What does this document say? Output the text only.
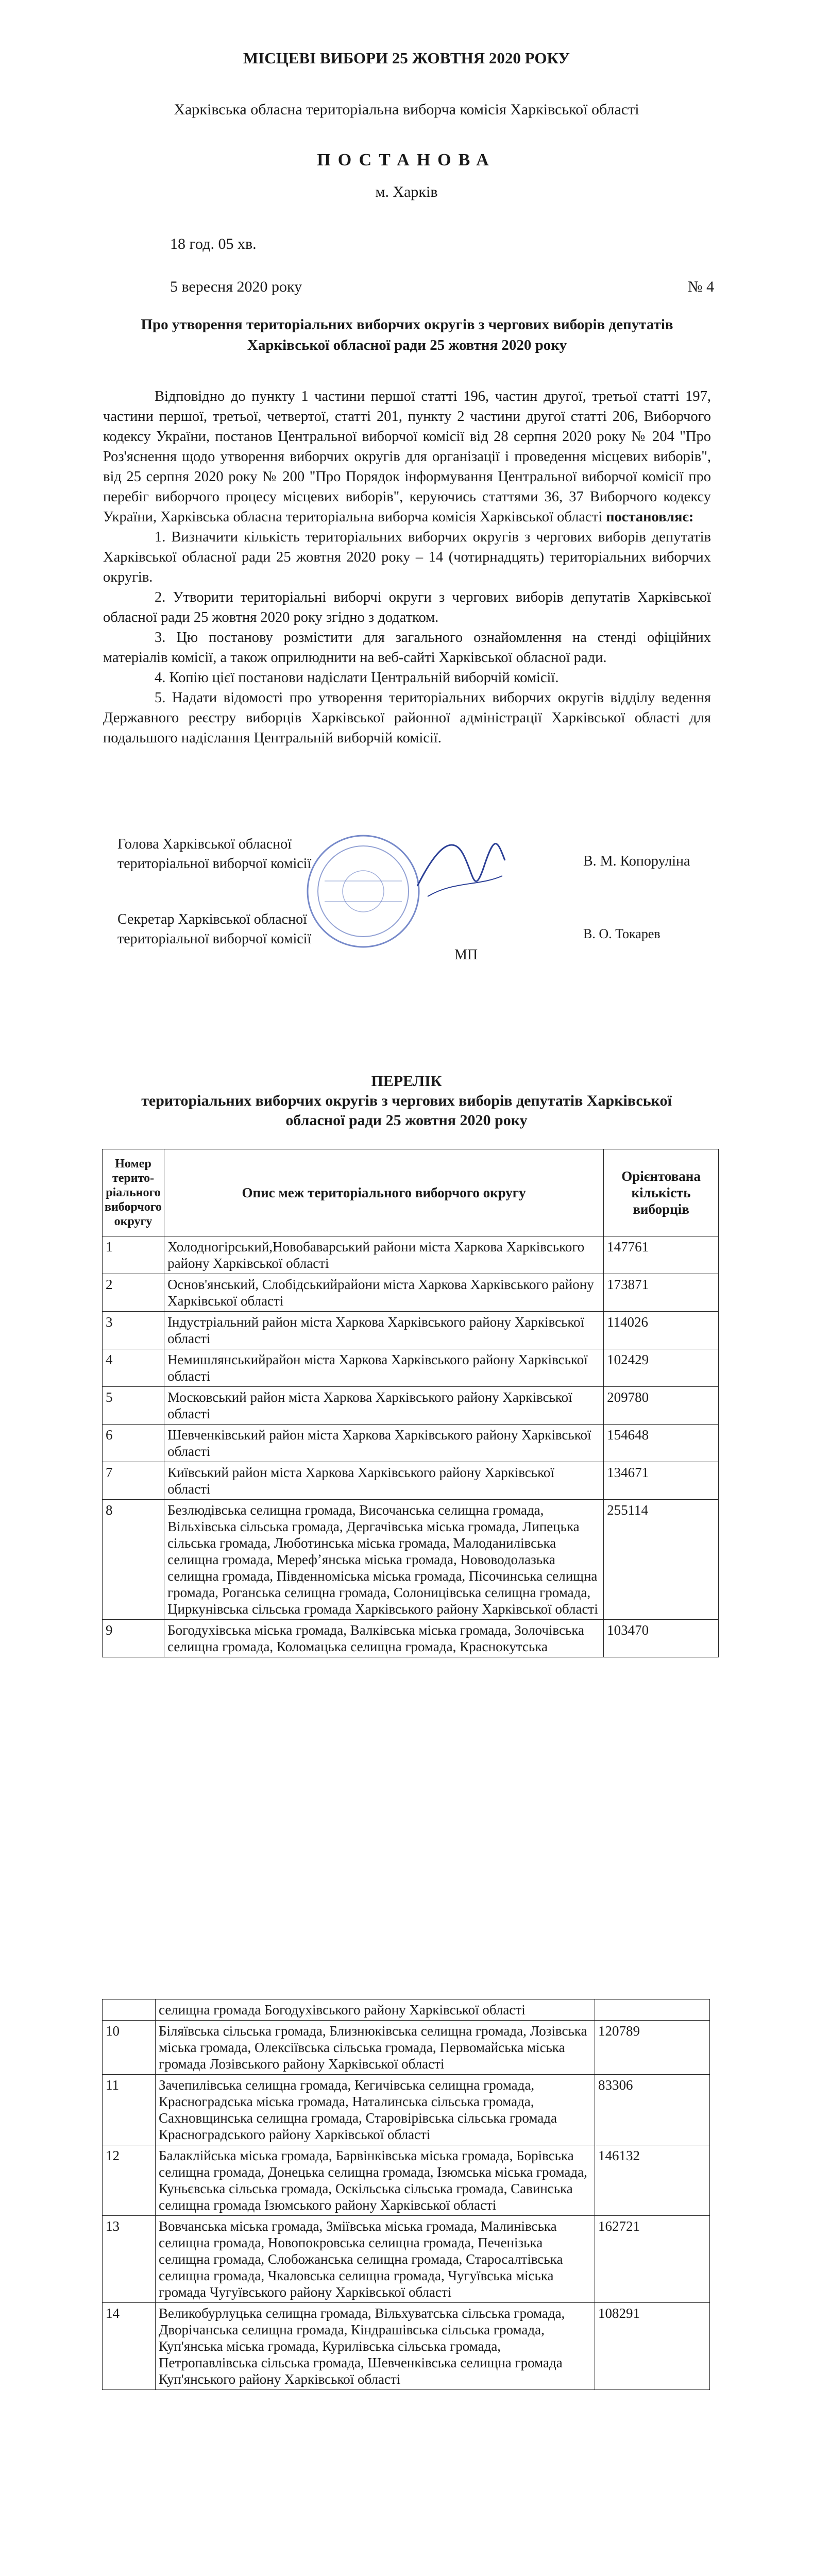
МІСЦЕВІ ВИБОРИ 25 ЖОВТНЯ 2020 РОКУ
Харківська обласна територіальна виборча комісія Харківської області
ПОСТАНОВА
м. Харків
18 год. 05 хв.
5 вересня 2020 року	№ 4
Про утворення територіальних виборчих округів з чергових виборів депутатів Харківської обласної ради 25 жовтня 2020 року

Відповідно до пункту 1 частини першої статті 196, частин другої, третьої статті 197, частини першої, третьої, четвертої, статті 201, пункту 2 частини другої статті 206, Виборчого кодексу України, постанов Центральної виборчої комісії від 28 серпня 2020 року № 204 "Про Роз'яснення щодо утворення виборчих округів для організації і проведення місцевих виборів", від 25 серпня 2020 року № 200 "Про Порядок інформування Центральної виборчої комісії про перебіг виборчого процесу місцевих виборів", керуючись статтями 36, 37 Виборчого кодексу України, Харківська обласна територіальна виборча комісія Харківської області постановляє:

1. Визначити кількість територіальних виборчих округів з чергових виборів депутатів Харківської обласної ради 25 жовтня 2020 року – 14 (чотирнадцять) територіальних виборчих округів.

2. Утворити територіальні виборчі округи з чергових виборів депутатів Харківської обласної ради 25 жовтня 2020 року згідно з додатком.

3. Цю постанову розмістити для загального ознайомлення на стенді офіційних матеріалів комісії, а також оприлюднити на веб-сайті Харківської обласної ради.

4. Копію цієї постанови надіслати Центральній виборчій комісії.

5. Надати відомості про утворення територіальних виборчих округів відділу ведення Державного реєстру виборців Харківської районної адміністрації Харківської області для подальшого надіслання Центральній виборчій комісії.

Голова Харківської обласної
територіальної виборчої комісії	В. М. Копоруліна
Секретар Харківської обласної
територіальної виборчої комісії
МП
В. О. Токарев
ПЕРЕЛІК
територіальних виборчих округів з чергових виборів депутатів Харківської
обласної ради 25 жовтня 2020 року
Номер терито-ріального виборчого округу	Опис меж територіального виборчого округу	Орієнтована кількість виборців
1	Холодногірський,Новобаварський райони міста Харкова Харківського району Харківської області	147761
2	Основ'янський, Слобідськийрайони міста Харкова Харківського району Харківської області	173871
3	Індустріальний район міста Харкова Харківського району Харківської області	114026
4	Немишлянськийрайон міста Харкова Харківського району Харківської області	102429
5	Московський район міста Харкова Харківського району Харківської області	209780
6	Шевченківський район міста Харкова Харківського району Харківської області	154648
7	Київський район міста Харкова Харківського району Харківської області	134671
8	Безлюдівська селищна громада, Височанська селищна громада, Вільхівська сільська громада, Дергачівська міська громада, Липецька сільська громада, Люботинська міська громада, Малоданилівська селищна громада, Мерефʼянська міська громада, Нововодолазька селищна громада, Південноміська міська громада, Пісочинська селищна громада, Роганська селищна громада, Солоницівська селищна громада, Циркунівська сільська громада Харківського району Харківської області	255114
9	Богодухівська міська громада, Валківська міська громада, Золочівська селищна громада, Коломацька селищна громада, Краснокутська	103470
	селищна громада Богодухівського району Харківської області	
10	Біляївська сільська громада, Близнюківська селищна громада, Лозівська міська громада, Олексіївська сільська громада, Первомайська міська громада Лозівського району Харківської області	120789
11	Зачепилівська селищна громада, Кегичівська селищна громада, Красноградська міська громада, Наталинська сільська громада, Сахновщинська селищна громада, Старовірівська сільська громада Красноградського району Харківської області	83306
12	Балаклійська міська громада, Барвінківська міська громада, Борівська селищна громада, Донецька селищна громада, Ізюмська міська громада, Куньєвська сільська громада, Оскільська сільська громада, Савинська селищна громада Ізюмського району Харківської області	146132
13	Вовчанська міська громада, Зміївська міська громада, Малинівська селищна громада, Новопокровська селищна громада, Печенізька селищна громада, Слобожанська селищна громада, Старосалтівська селищна громада, Чкаловська селищна громада, Чугуївська міська громада Чугуївського району Харківської області	162721
14	Великобурлуцька селищна громада, Вільхуватська сільська громада, Дворічанська селищна громада, Кіндрашівська сільська громада, Куп'янська міська громада, Курилівська сільська громада, Петропавлівська сільська громада, Шевченківська селищна громада Куп'янського району Харківської області	108291
